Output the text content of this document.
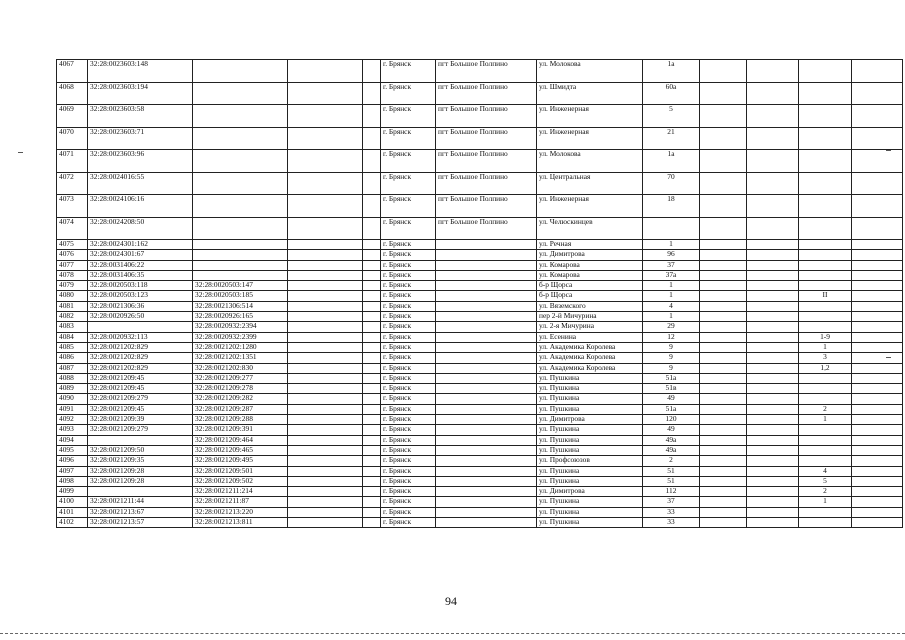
4067	32:28:0023603:148				г. Брянск	пгт Большое Полпино	ул. Молокова	1а				
4068	32:28:0023603:194				г. Брянск	пгт Большое Полпино	ул. Шмидта	60а				
4069	32:28:0023603:58				г. Брянск	пгт Большое Полпино	ул. Инженерная	5				
4070	32:28:0023603:71				г. Брянск	пгт Большое Полпино	ул. Инженерная	21				
4071	32:28:0023603:96				г. Брянск	пгт Большое Полпино	ул. Молокова	1а				
4072	32:28:0024016:55				г. Брянск	пгт Большое Полпино	ул. Центральная	70				
4073	32:28:0024106:16				г. Брянск	пгт Большое Полпино	ул. Инженерная	18				
4074	32:28:0024208:50				г. Брянск	пгт Большое Полпино	ул. Челюскинцев					
4075	32:28:0024301:162				г. Брянск		ул. Речная	1				
4076	32:28:0024301:67				г. Брянск		ул. Димитрова	96				
4077	32:28:0031406:22				г. Брянск		ул. Комарова	37				
4078	32:28:0031406:35				г. Брянск		ул. Комарова	37а				
4079	32:28:0020503:118	32:28:0020503:147			г. Брянск		б-р Щорса	1				
4080	32:28:0020503:123	32:28:0020503:185			г. Брянск		б-р Щорса	1			II	
4081	32:28:0021306:36	32:28:0021306:514			г. Брянск		ул. Вяземского	4				
4082	32:28:0020926:50	32:28:0020926:165			г. Брянск		пер 2-й Мичурина	1				
4083		32:28:0020932:2394			г. Брянск		ул. 2-я Мичурина	29				
4084	32:28:0020932:113	32:28:0020932:2399			г. Брянск		ул. Есенина	12			1-9	
4085	32:28:0021202:829	32:28:0021202:1280			г. Брянск		ул. Академика Королева	9			1	
4086	32:28:0021202:829	32:28:0021202:1351			г. Брянск		ул. Академика Королева	9			3	
4087	32:28:0021202:829	32:28:0021202:830			г. Брянск		ул. Академика Королева	9			1,2	
4088	32:28:0021209:45	32:28:0021209:277			г. Брянск		ул. Пушкина	51а				
4089	32:28:0021209:45	32:28:0021209:278			г. Брянск		ул. Пушкина	51в				
4090	32:28:0021209:279	32:28:0021209:282			г. Брянск		ул. Пушкина	49				
4091	32:28:0021209:45	32:28:0021209:287			г. Брянск		ул. Пушкина	51а			2	
4092	32:28:0021209:39	32:28:0021209:288			г. Брянск		ул. Димитрова	120			1	
4093	32:28:0021209:279	32:28:0021209:391			г. Брянск		ул. Пушкина	49				
4094		32:28:0021209:464			г. Брянск		ул. Пушкина	49а				
4095	32:28:0021209:50	32:28:0021209:465			г. Брянск		ул. Пушкина	49а				
4096	32:28:0021209:35	32:28:0021209:495			г. Брянск		ул. Профсоюзов	2				
4097	32:28:0021209:28	32:28:0021209:501			г. Брянск		ул. Пушкина	51			4	
4098	32:28:0021209:28	32:28:0021209:502			г. Брянск		ул. Пушкина	51			5	
4099		32:28:0021211:214			г. Брянск		ул. Димитрова	112			2	
4100	32:28:0021211:44	32:28:0021211:87			г. Брянск		ул. Пушкина	37			1	
4101	32:28:0021213:67	32:28:0021213:220			г. Брянск		ул. Пушкина	33				
4102	32:28:0021213:57	32:28:0021213:811			г. Брянск		ул. Пушкина	33				
94
